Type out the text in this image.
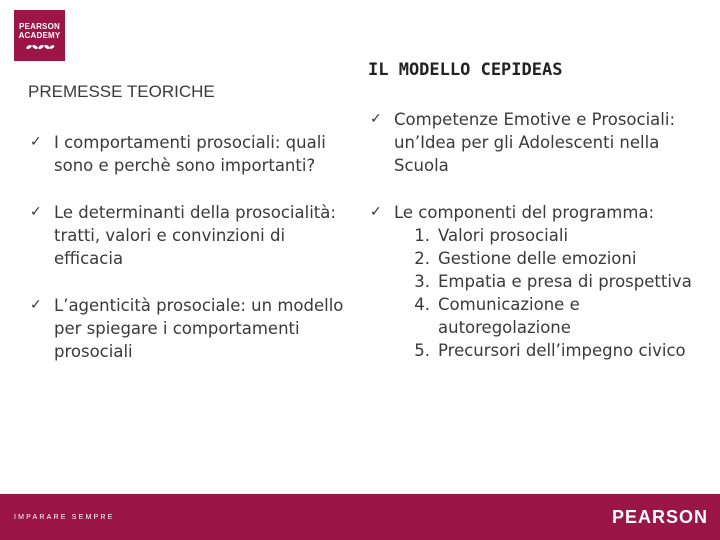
PEARSON
ACADEMY
PREMESSE TEORICHE
✓ I comportamenti prosociali: quali sono e perchè sono importanti?
✓ Le determinanti della prosocialità: tratti, valori e convinzioni di efficacia
✓ L’agenticità prosociale: un modello per spiegare i comportamenti prosociali
IL MODELLO CEPIDEAS
✓ Competenze Emotive e Prosociali: un’Idea per gli Adolescenti nella Scuola
✓ Le componenti del programma:
1. Valori prosociali
2. Gestione delle emozioni
3. Empatia e presa di prospettiva
4. Comunicazione e autoregolazione
5. Precursori dell’impegno civico
IMPARARE SEMPRE	PEARSON
